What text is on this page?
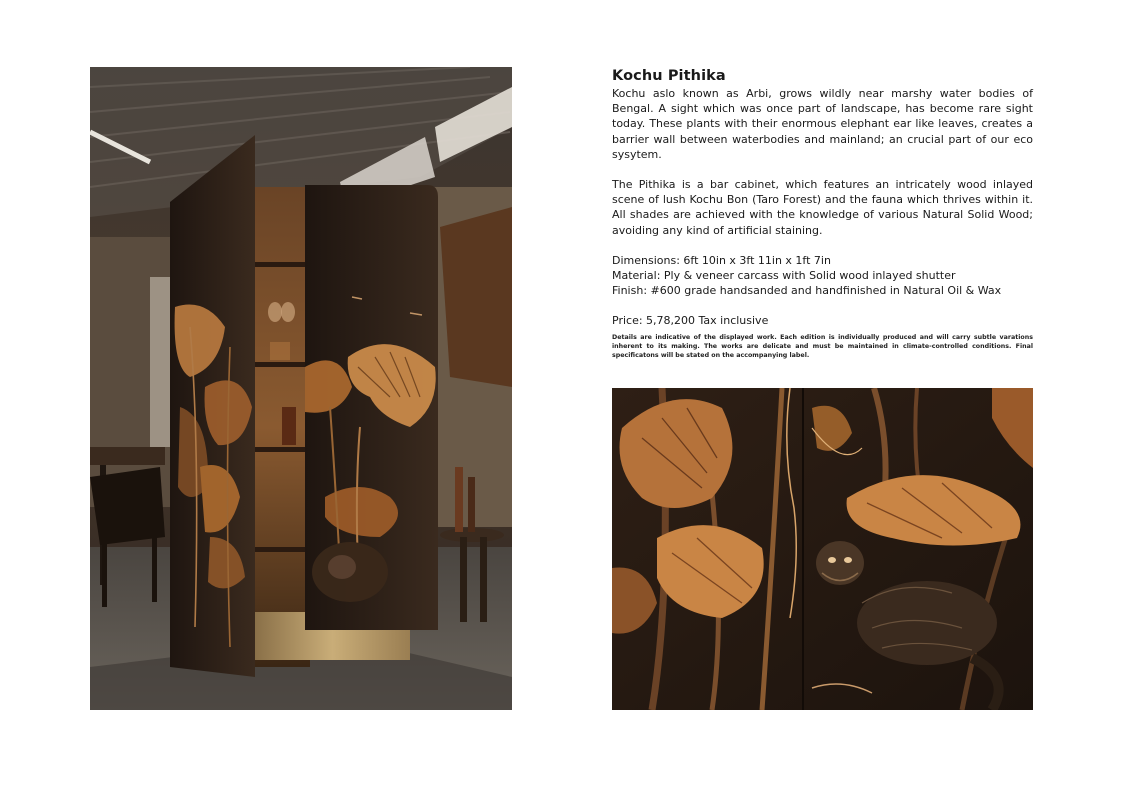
Kochu Pithika

Kochu aslo known as Arbi, grows wildly near marshy water bodies of Bengal. A sight which was once part of landscape, has become rare sight today. These plants with their enormous elephant ear like leaves, creates a barrier wall between waterbodies and mainland; an crucial part of our eco sysytem.

The Pithika is a bar cabinet, which features an intricately wood inlayed scene of lush Kochu Bon (Taro Forest) and the fauna which thrives within it. All shades are achieved with the knowledge of various Natural Solid Wood; avoiding any kind of artificial staining.

Dimensions: 6ft 10in x 3ft 11in x 1ft 7in

Material: Ply & veneer carcass with Solid wood inlayed shutter

Finish: #600 grade handsanded and handfinished in Natural Oil & Wax

Price: 5,78,200 Tax inclusive

Details are indicative of the displayed work. Each edition is individually produced and will carry subtle varations inherent to its making. The works are delicate and must be maintained in climate-controlled conditions. Final specificatons will be stated on the accompanying label.
